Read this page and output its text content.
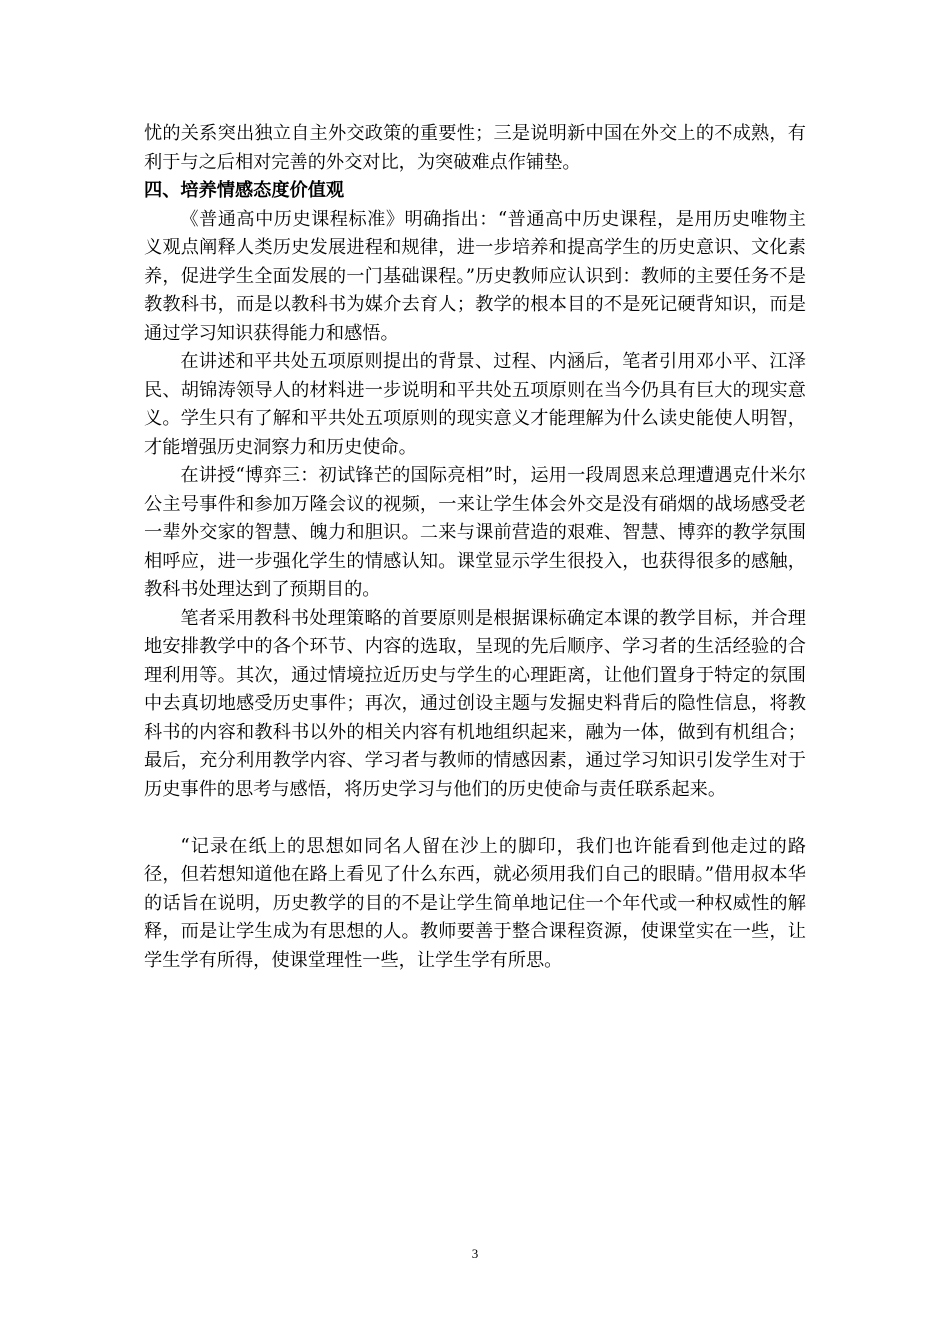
忧的关系突出独立自主外交政策的重要性；三是说明新中国在外交上的不成熟，有利于与之后相对完善的外交对比，为突破难点作铺垫。

四、培养情感态度价值观

《普通高中历史课程标准》明确指出：“普通高中历史课程，是用历史唯物主义观点阐释人类历史发展进程和规律，进一步培养和提高学生的历史意识、文化素养，促进学生全面发展的一门基础课程。”历史教师应认识到：教师的主要任务不是教教科书，而是以教科书为媒介去育人；教学的根本目的不是死记硬背知识，而是通过学习知识获得能力和感悟。

在讲述和平共处五项原则提出的背景、过程、内涵后，笔者引用邓小平、江泽民、胡锦涛领导人的材料进一步说明和平共处五项原则在当今仍具有巨大的现实意义。学生只有了解和平共处五项原则的现实意义才能理解为什么读史能使人明智，才能增强历史洞察力和历史使命。

在讲授“博弈三：初试锋芒的国际亮相”时，运用一段周恩来总理遭遇克什米尔公主号事件和参加万隆会议的视频，一来让学生体会外交是没有硝烟的战场感受老一辈外交家的智慧、魄力和胆识。二来与课前营造的艰难、智慧、博弈的教学氛围相呼应，进一步强化学生的情感认知。课堂显示学生很投入，也获得很多的感触，教科书处理达到了预期目的。

笔者采用教科书处理策略的首要原则是根据课标确定本课的教学目标，并合理地安排教学中的各个环节、内容的选取，呈现的先后顺序、学习者的生活经验的合理利用等。其次，通过情境拉近历史与学生的心理距离，让他们置身于特定的氛围中去真切地感受历史事件；再次，通过创设主题与发掘史料背后的隐性信息，将教科书的内容和教科书以外的相关内容有机地组织起来，融为一体，做到有机组合；最后，充分利用教学内容、学习者与教师的情感因素，通过学习知识引发学生对于历史事件的思考与感悟，将历史学习与他们的历史使命与责任联系起来。

“记录在纸上的思想如同名人留在沙上的脚印，我们也许能看到他走过的路径，但若想知道他在路上看见了什么东西，就必须用我们自己的眼睛。”借用叔本华的话旨在说明，历史教学的目的不是让学生简单地记住一个年代或一种权威性的解释，而是让学生成为有思想的人。教师要善于整合课程资源，使课堂实在一些，让学生学有所得，使课堂理性一些，让学生学有所思。

3
